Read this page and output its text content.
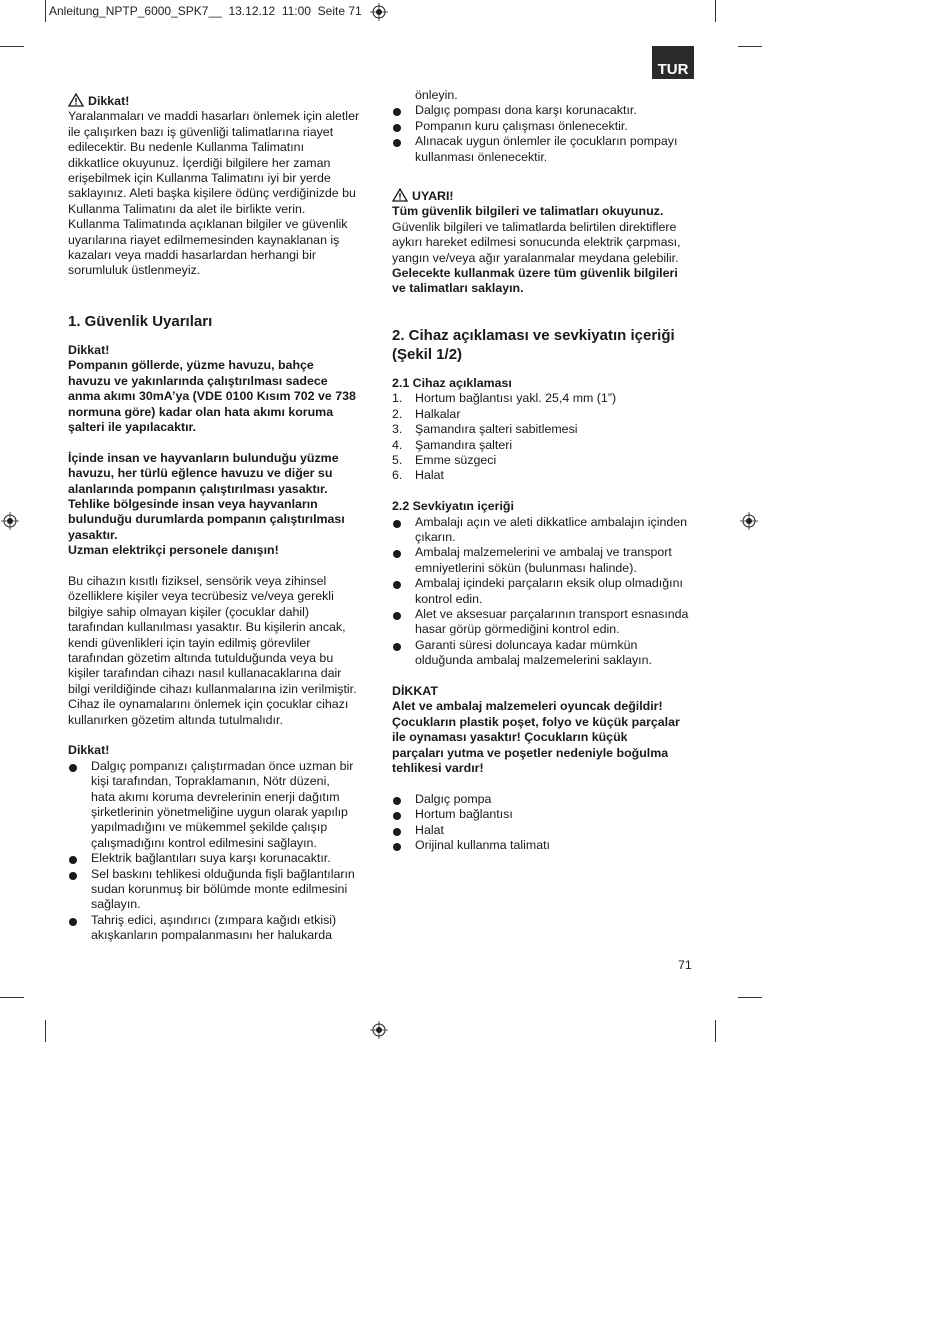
Anleitung_NPTP_6000_SPK7__  13.12.12  11:00  Seite 71
TUR

Dikkat!

Yaralanmaları ve maddi hasarları önlemek için aletler
ile çalışırken bazı iş güvenliği talimatlarına riayet
edilecektir. Bu nedenle Kullanma Talimatını
dikkatlice okuyunuz. İçerdiği bilgilere her zaman
erişebilmek için Kullanma Talimatını iyi bir yerde
saklayınız. Aleti başka kişilere ödünç verdiğinizde bu
Kullanma Talimatını da alet ile birlikte verin.
Kullanma Talimatında açıklanan bilgiler ve güvenlik
uyarılarına riayet edilmemesinden kaynaklanan iş
kazaları veya maddi hasarlardan herhangi bir
sorumluluk üstlenmeyiz.

1. Güvenlik Uyarıları

Dikkat!

Pompanın göllerde, yüzme havuzu, bahçe
havuzu ve yakınlarında çalıştırılması sadece
anma akımı 30mA’ya (VDE 0100 Kısım 702 ve 738
normuna göre) kadar olan hata akımı koruma
şalteri ile yapılacaktır.
İçinde insan ve hayvanların bulunduğu yüzme
havuzu, her türlü eğlence havuzu ve diğer su
alanlarında pompanın çalıştırılması yasaktır.
Tehlike bölgesinde insan veya hayvanların
bulunduğu durumlarda pompanın çalıştırılması
yasaktır.
Uzman elektrikçi personele danışın!
Bu cihazın kısıtlı fiziksel, sensörik veya zihinsel
özelliklere kişiler veya tecrübesiz ve/veya gerekli
bilgiye sahip olmayan kişiler (çocuklar dahil)
tarafından kullanılması yasaktır. Bu kişilerin ancak,
kendi güvenlikleri için tayin edilmiş görevliler
tarafından gözetim altında tutulduğunda veya bu
kişiler tarafından cihazı nasıl kullanacaklarına dair
bilgi verildiğinde cihazı kullanmalarına izin verilmiştir.
Cihaz ile oynamalarını önlemek için çocuklar cihazı
kullanırken gözetim altında tutulmalıdır.

Dikkat!

Dalgıç pompanızı çalıştırmadan önce uzman bir
kişi tarafından, Topraklamanın, Nötr düzeni,
hata akımı koruma devrelerinin enerji dağıtım
şirketlerinin yönetmeliğine uygun olarak yapılıp
yapılmadığını ve mükemmel şekilde çalışıp
çalışmadığını kontrol edilmesini sağlayın.
Elektrik bağlantıları suya karşı korunacaktır.
Sel baskını tehlikesi olduğunda fişli bağlantıların
sudan korunmuş bir bölümde monte edilmesini
sağlayın.
Tahriş edici, aşındırıcı (zımpara kağıdı etkisi)
akışkanların pompalanmasını her halukarda

önleyin.

Dalgıç pompası dona karşı korunacaktır.
Pompanın kuru çalışması önlenecektir.
Alınacak uygun önlemler ile çocukların pompayı
kullanması önlenecektir.

UYARI!

Tüm güvenlik bilgileri ve talimatları okuyunuz.

Güvenlik bilgileri ve talimatlarda belirtilen direktiflere
aykırı hareket edilmesi sonucunda elektrik çarpması,
yangın ve/veya ağır yaralanmalar meydana gelebilir.
Gelecekte kullanmak üzere tüm güvenlik bilgileri
ve talimatları saklayın.
2. Cihaz açıklaması ve sevkiyatın içeriği
(Şekil 1/2)

2.1 Cihaz açıklaması

1. Hortum bağlantısı yakl. 25,4 mm (1”)
2. Halkalar
3. Şamandıra şalteri sabitlemesi
4. Şamandıra şalteri
5. Emme süzgeci
6. Halat

2.2 Sevkiyatın içeriği

Ambalajı açın ve aleti dikkatlice ambalajın içinden
çıkarın.
Ambalaj malzemelerini ve ambalaj ve transport
emniyetlerini sökün (bulunması halinde).
Ambalaj içindeki parçaların eksik olup olmadığını
kontrol edin.
Alet ve aksesuar parçalarının transport esnasında
hasar görüp görmediğini kontrol edin.
Garanti süresi doluncaya kadar mümkün
olduğunda ambalaj malzemelerini saklayın.

DİKKAT

Alet ve ambalaj malzemeleri oyuncak değildir!
Çocukların plastik poşet, folyo ve küçük parçalar
ile oynaması yasaktır! Çocukların küçük
parçaları yutma ve poşetler nedeniyle boğulma
tehlikesi vardır!
Dalgıç pompa
Hortum bağlantısı
Halat
Orijinal kullanma talimatı
71
